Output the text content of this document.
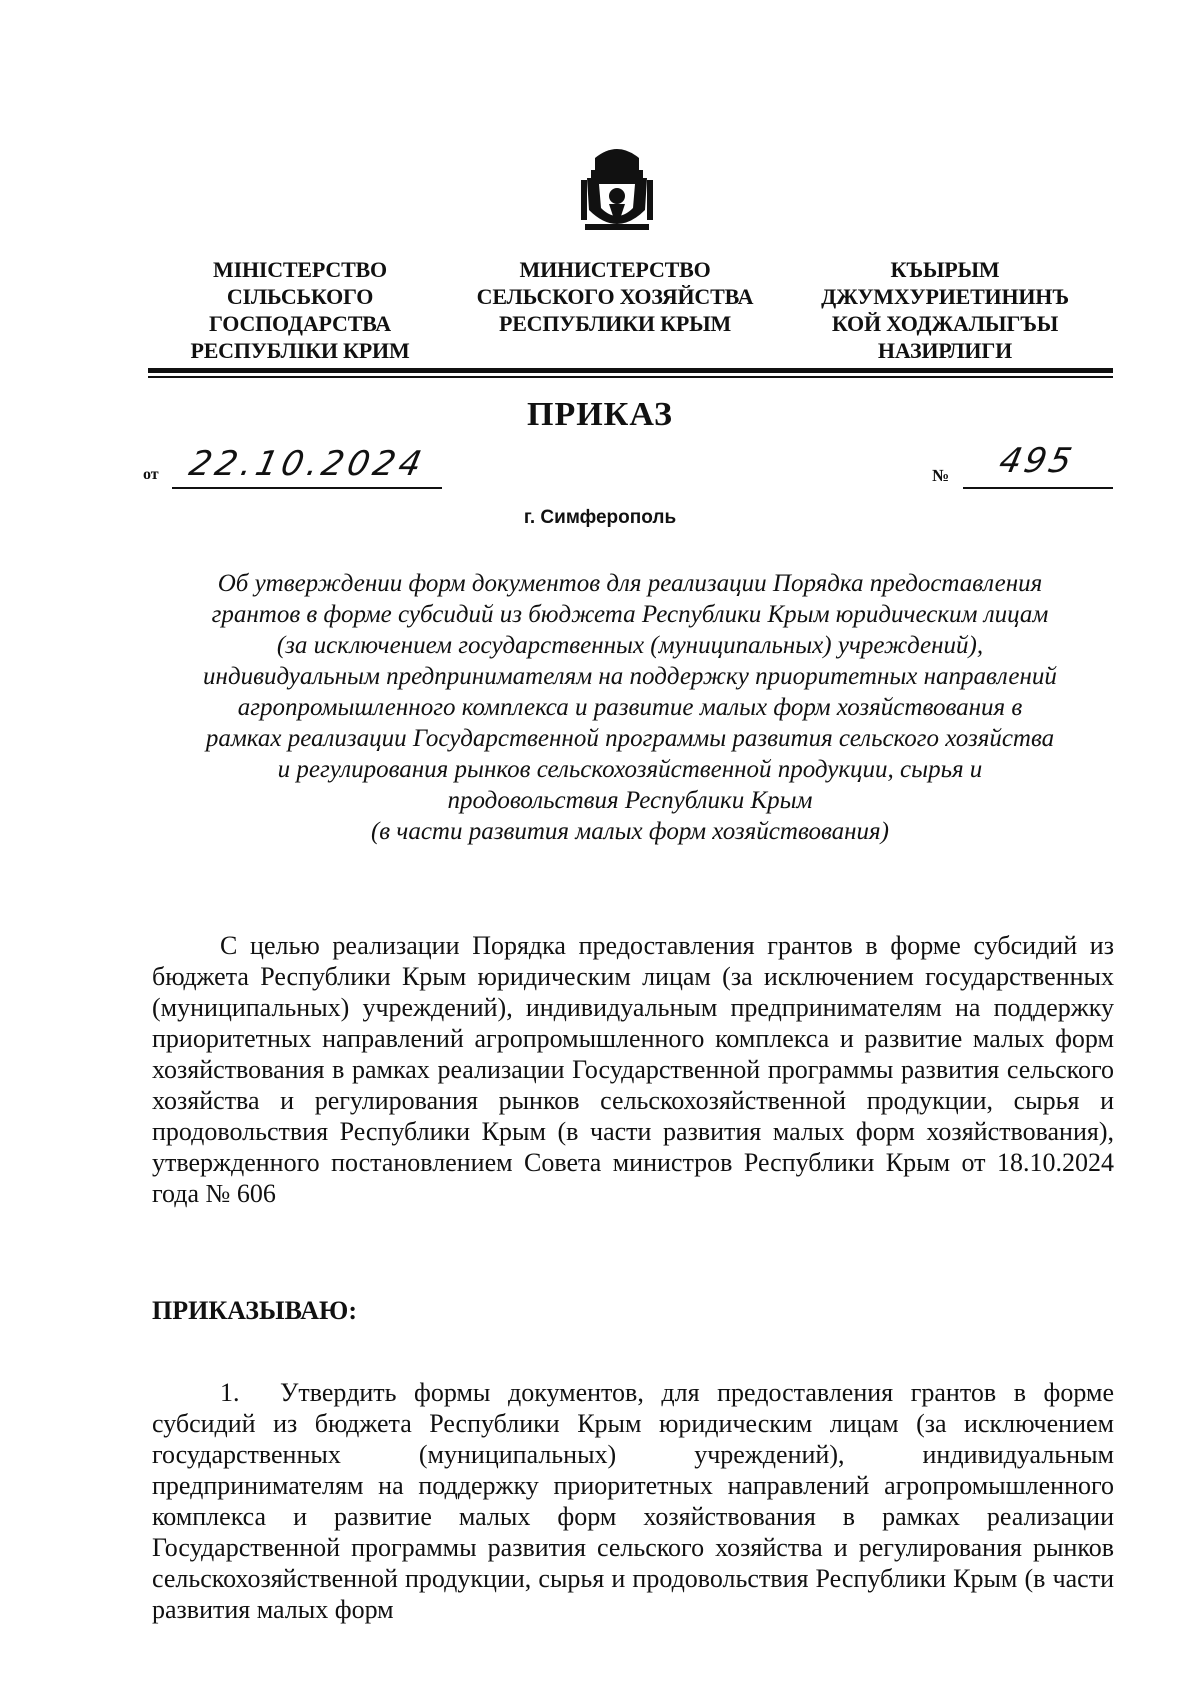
МІНІСТЕРСТВО
СІЛЬСЬКОГО
ГОСПОДАРСТВА
РЕСПУБЛІКИ КРИМ
МИНИСТЕРСТВО
СЕЛЬСКОГО ХОЗЯЙСТВА
РЕСПУБЛИКИ КРЫМ
КЪЫРЫМ
ДЖУМХУРИЕТИНИНЪ
КОЙ ХОДЖАЛЫГЪЫ
НАЗИРЛИГИ
ПРИКАЗ
от 22.10.2024	№ 495
г. Симферополь
Об утверждении форм документов для реализации Порядка предоставления
грантов в форме субсидий из бюджета Республики Крым юридическим лицам
(за исключением государственных (муниципальных) учреждений),
индивидуальным предпринимателям на поддержку приоритетных направлений
агропромышленного комплекса и развитие малых форм хозяйствования в
рамках реализации Государственной программы развития сельского хозяйства
и регулирования рынков сельскохозяйственной продукции, сырья и
продовольствия Республики Крым
(в части развития малых форм хозяйствования)
С целью реализации Порядка предоставления грантов в форме субсидий из бюджета Республики Крым юридическим лицам (за исключением государственных (муниципальных) учреждений), индивидуальным предпринимателям на поддержку приоритетных направлений агропромышленного комплекса и развитие малых форм хозяйствования в рамках реализации Государственной программы развития сельского хозяйства и регулирования рынков сельскохозяйственной продукции, сырья и продовольствия Республики Крым (в части развития малых форм хозяйствования), утвержденного постановлением Совета министров Республики Крым от 18.10.2024 года № 606
ПРИКАЗЫВАЮ:
1. Утвердить формы документов, для предоставления грантов в форме субсидий из бюджета Республики Крым юридическим лицам (за исключением государственных (муниципальных) учреждений), индивидуальным предпринимателям на поддержку приоритетных направлений агропромышленного комплекса и развитие малых форм хозяйствования в рамках реализации Государственной программы развития сельского хозяйства и регулирования рынков сельскохозяйственной продукции, сырья и продовольствия Республики Крым (в части развития малых форм
